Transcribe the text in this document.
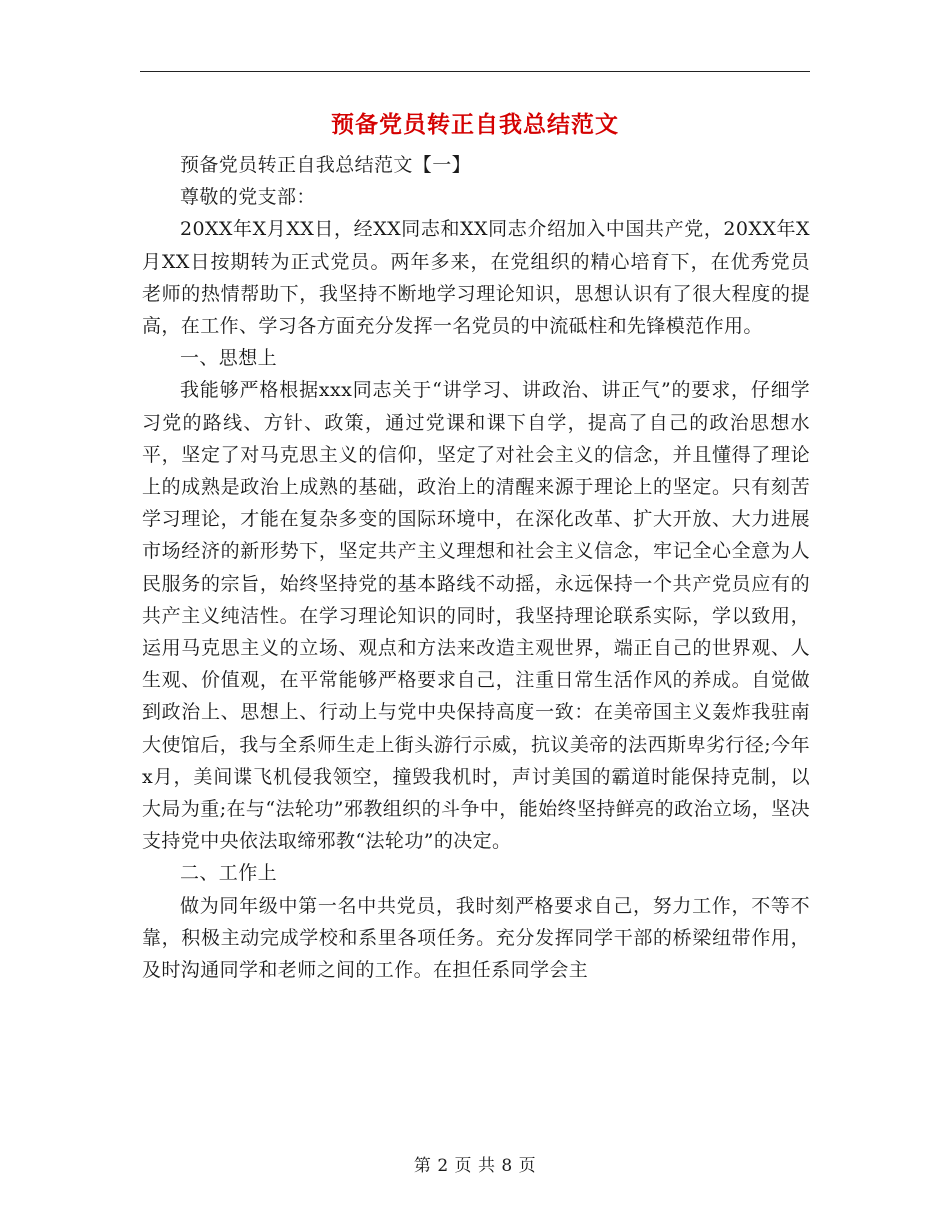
预备党员转正自我总结范文

预备党员转正自我总结范文【一】

尊敬的党支部：

20XX年X月XX日，经XX同志和XX同志介绍加入中国共产党，20XX年X月XX日按期转为正式党员。两年多来，在党组织的精心培育下，在优秀党员老师的热情帮助下，我坚持不断地学习理论知识，思想认识有了很大程度的提高，在工作、学习各方面充分发挥一名党员的中流砥柱和先锋模范作用。

一、思想上

我能够严格根据xxx同志关于“讲学习、讲政治、讲正气”的要求，仔细学习党的路线、方针、政策，通过党课和课下自学，提高了自己的政治思想水平，坚定了对马克思主义的信仰，坚定了对社会主义的信念，并且懂得了理论上的成熟是政治上成熟的基础，政治上的清醒来源于理论上的坚定。只有刻苦学习理论，才能在复杂多变的国际环境中，在深化改革、扩大开放、大力进展市场经济的新形势下，坚定共产主义理想和社会主义信念，牢记全心全意为人民服务的宗旨，始终坚持党的基本路线不动摇，永远保持一个共产党员应有的共产主义纯洁性。在学习理论知识的同时，我坚持理论联系实际，学以致用，运用马克思主义的立场、观点和方法来改造主观世界，端正自己的世界观、人生观、价值观，在平常能够严格要求自己，注重日常生活作风的养成。自觉做到政治上、思想上、行动上与党中央保持高度一致：在美帝国主义轰炸我驻南大使馆后，我与全系师生走上街头游行示威，抗议美帝的法西斯卑劣行径;今年x月，美间谍飞机侵我领空，撞毁我机时，声讨美国的霸道时能保持克制，以大局为重;在与“法轮功”邪教组织的斗争中，能始终坚持鲜亮的政治立场，坚决支持党中央依法取缔邪教“法轮功”的决定。

二、工作上

做为同年级中第一名中共党员，我时刻严格要求自己，努力工作，不等不靠，积极主动完成学校和系里各项任务。充分发挥同学干部的桥梁纽带作用，及时沟通同学和老师之间的工作。在担任系同学会主

第 2 页 共 8 页
